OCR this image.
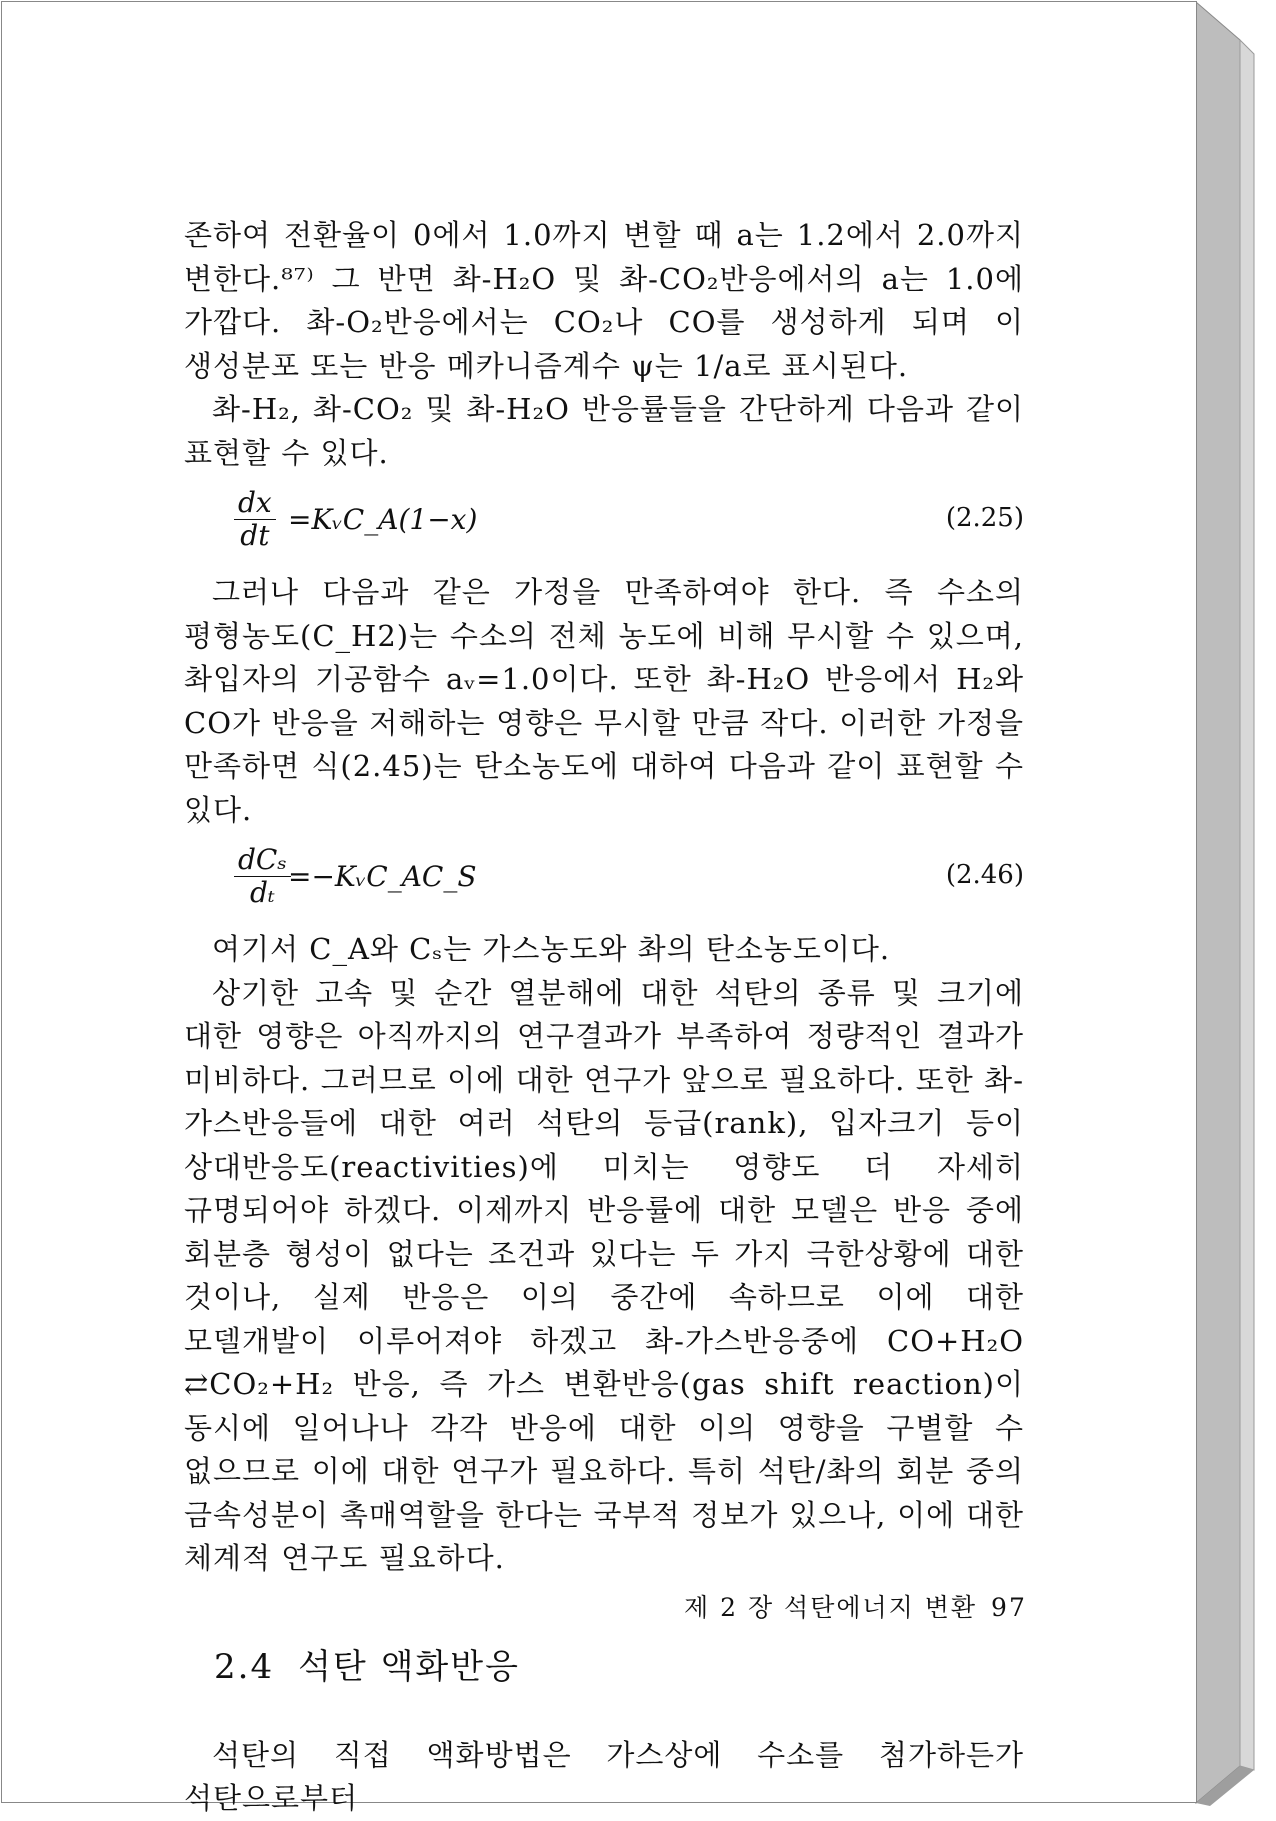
존하여 전환율이 0에서 1.0까지 변할 때 a는 1.2에서 2.0까지 변한다.⁸⁷⁾ 그 반면 촤-H₂O 및 촤-CO₂반응에서의 a는 1.0에 가깝다. 촤-O₂반응에서는 CO₂나 CO를 생성하게 되며 이 생성분포 또는 반응 메카니즘계수 ψ는 1/a로 표시된다.

촤-H₂, 촤-CO₂ 및 촤-H₂O 반응률들을 간단하게 다음과 같이 표현할 수 있다.

$\frac{dx}{dt}$ =KᵥC_A(1−x)	(2.25)

그러나 다음과 같은 가정을 만족하여야 한다. 즉 수소의 평형농도(C_H2)는 수소의 전체 농도에 비해 무시할 수 있으며, 촤입자의 기공함수 aᵥ=1.0이다. 또한 촤-H₂O 반응에서 H₂와 CO가 반응을 저해하는 영향은 무시할 만큼 작다. 이러한 가정을 만족하면 식(2.45)는 탄소농도에 대하여 다음과 같이 표현할 수 있다.

dCₛ
dₜ =−KᵥC_AC_S	(2.46)

여기서 C_A와 Cₛ는 가스농도와 촤의 탄소농도이다.

상기한 고속 및 순간 열분해에 대한 석탄의 종류 및 크기에 대한 영향은 아직까지의 연구결과가 부족하여 정량적인 결과가 미비하다. 그러므로 이에 대한 연구가 앞으로 필요하다. 또한 촤-가스반응들에 대한 여러 석탄의 등급(rank), 입자크기 등이 상대반응도(reactivities)에 미치는 영향도 더 자세히 규명되어야 하겠다. 이제까지 반응률에 대한 모델은 반응 중에 회분층 형성이 없다는 조건과 있다는 두 가지 극한상황에 대한 것이나, 실제 반응은 이의 중간에 속하므로 이에 대한 모델개발이 이루어져야 하겠고 촤-가스반응중에 CO+H₂O ⇄CO₂+H₂ 반응, 즉 가스 변환반응(gas shift reaction)이 동시에 일어나나 각각 반응에 대한 이의 영향을 구별할 수 없으므로 이에 대한 연구가 필요하다. 특히 석탄/촤의 회분 중의 금속성분이 촉매역할을 한다는 국부적 정보가 있으나, 이에 대한 체계적 연구도 필요하다.

2.4 석탄 액화반응

석탄의 직접 액화방법은 가스상에 수소를 첨가하든가 석탄으로부터

제 2 장 석탄에너지 변환 97
